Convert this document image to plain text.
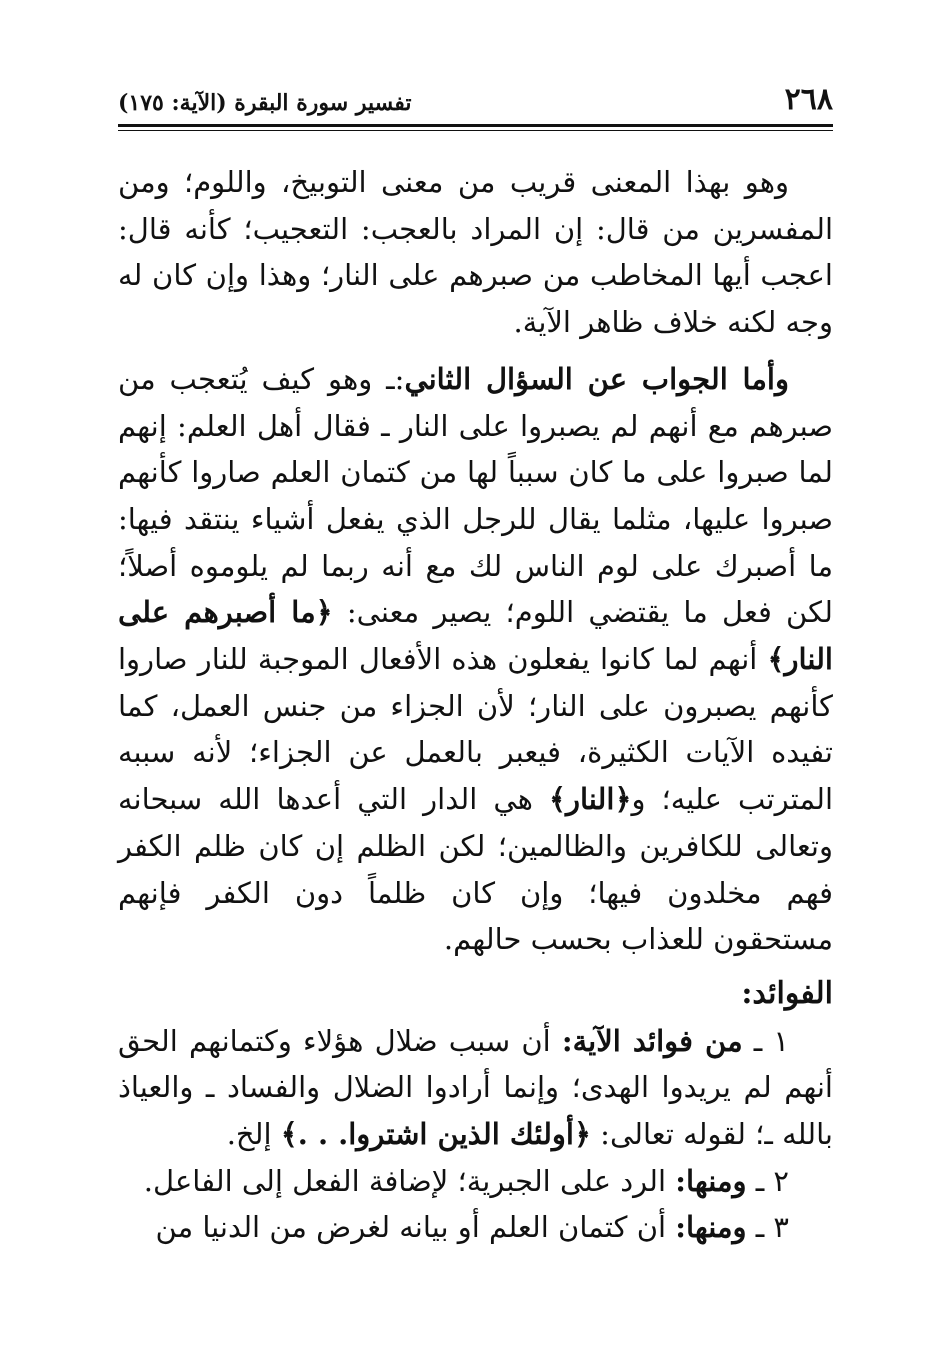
٢٦٨
تفسير سورة البقرة (الآية: ١٧٥)

وهو بهذا المعنى قريب من معنى التوبيخ، واللوم؛ ومن المفسرين من قال: إن المراد بالعجب: التعجيب؛ كأنه قال: اعجب أيها المخاطب من صبرهم على النار؛ وهذا وإن كان له وجه لكنه خلاف ظاهر الآية.

وأما الجواب عن السؤال الثاني:ـ وهو كيف يُتعجب من صبرهم مع أنهم لم يصبروا على النار ـ فقال أهل العلم: إنهم لما صبروا على ما كان سبباً لها من كتمان العلم صاروا كأنهم صبروا عليها، مثلما يقال للرجل الذي يفعل أشياء ينتقد فيها: ما أصبرك على لوم الناس لك مع أنه ربما لم يلوموه أصلاً؛ لكن فعل ما يقتضي اللوم؛ يصير معنى: ﴿ما أصبرهم على النار﴾ أنهم لما كانوا يفعلون هذه الأفعال الموجبة للنار صاروا كأنهم يصبرون على النار؛ لأن الجزاء من جنس العمل، كما تفيده الآيات الكثيرة، فيعبر بالعمل عن الجزاء؛ لأنه سببه المترتب عليه؛ و﴿النار﴾ هي الدار التي أعدها الله سبحانه وتعالى للكافرين والظالمين؛ لكن الظلم إن كان ظلم الكفر فهم مخلدون فيها؛ وإن كان ظلماً دون الكفر فإنهم مستحقون للعذاب بحسب حالهم.

الفوائد:

١ ـ من فوائد الآية: أن سبب ضلال هؤلاء وكتمانهم الحق أنهم لم يريدوا الهدى؛ وإنما أرادوا الضلال والفساد ـ والعياذ بالله ـ؛ لقوله تعالى: ﴿أولئك الذين اشتروا. . .﴾ إلخ.

٢ ـ ومنها: الرد على الجبرية؛ لإضافة الفعل إلى الفاعل.

٣ ـ ومنها: أن كتمان العلم أو بيانه لغرض من الدنيا من
